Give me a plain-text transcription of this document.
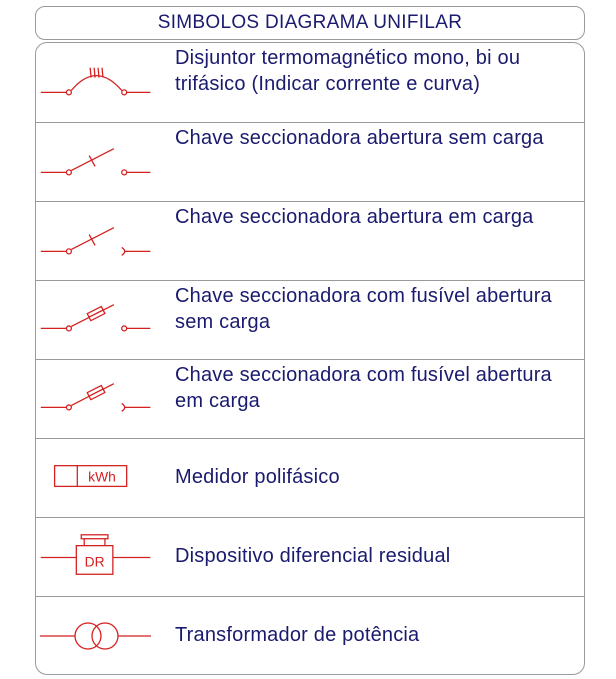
SIMBOLOS DIAGRAMA UNIFILAR
Disjuntor termomagnético mono, bi ou trifásico (Indicar corrente e curva)
Chave seccionadora abertura sem carga
Chave seccionadora abertura em carga
Chave seccionadora com fusível abertura sem carga
Chave seccionadora com fusível abertura em carga
kWh	Medidor polifásico
DR	Dispositivo diferencial residual
Transformador de potência
